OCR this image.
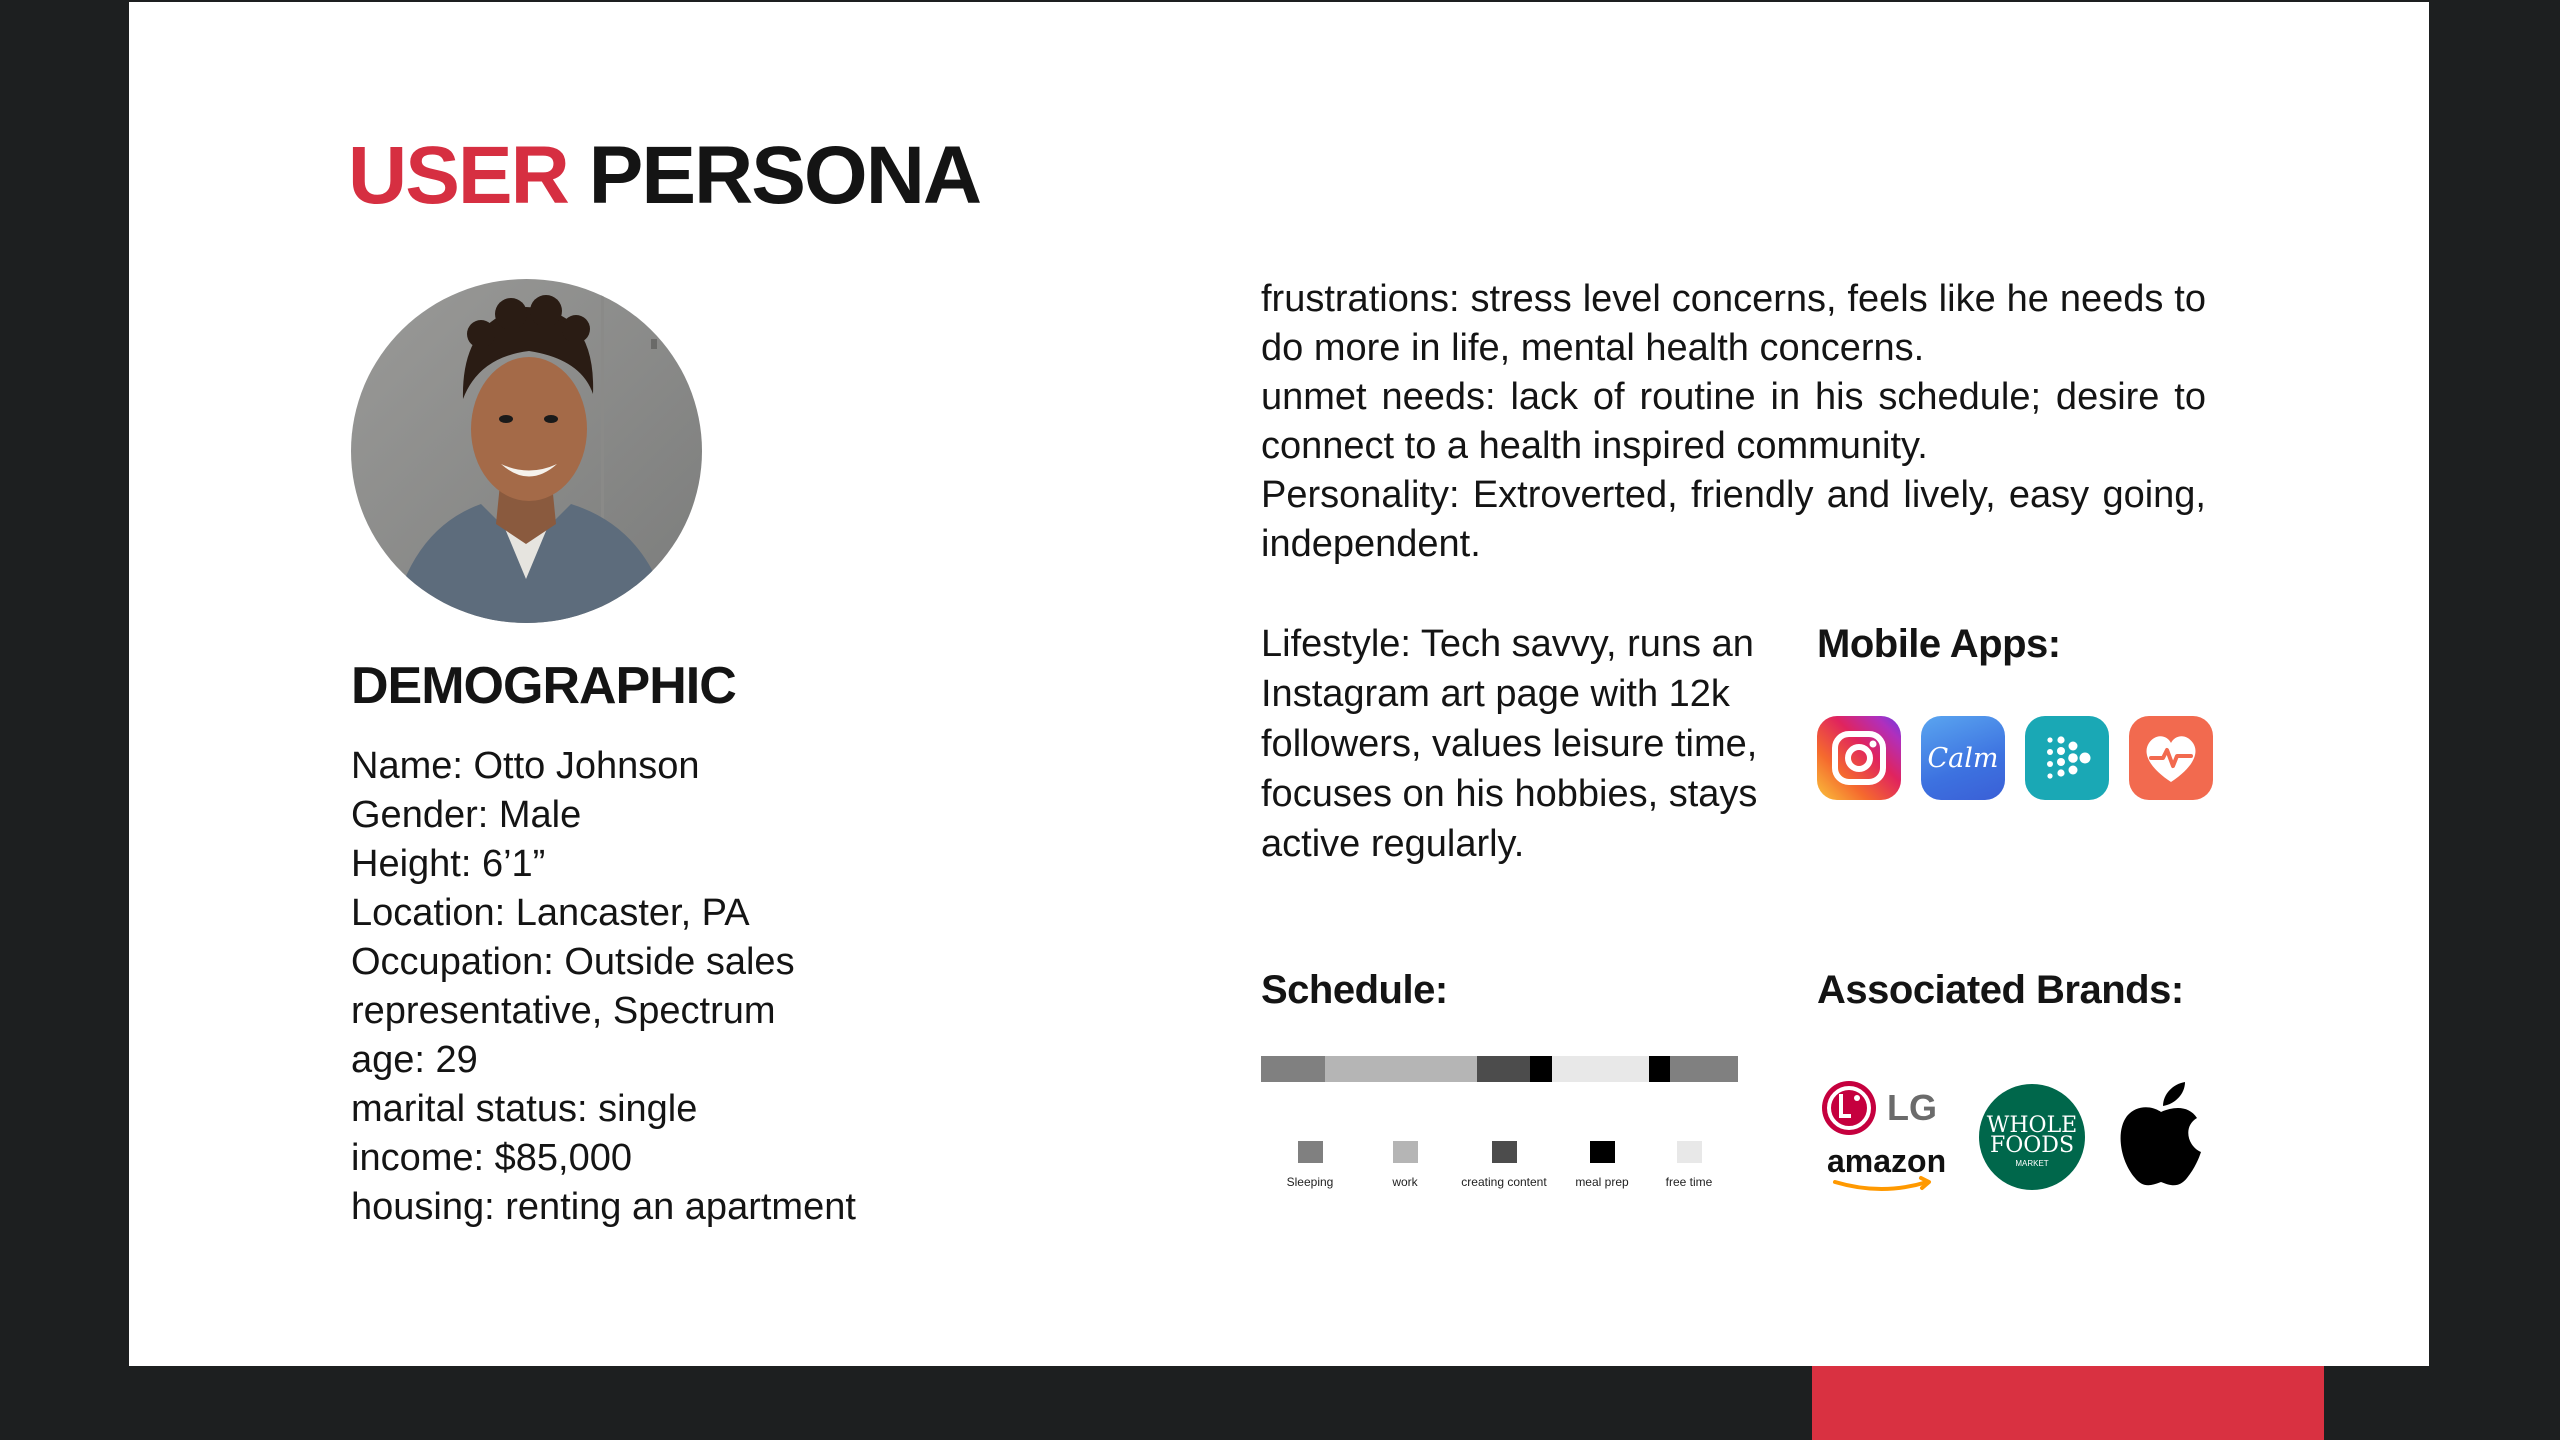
USER PERSONA
DEMOGRAPHIC
Name: Otto Johnson
Gender: Male
Height: 6’1”
Location: Lancaster, PA
Occupation: Outside sales
representative, Spectrum
age: 29
marital status: single
income: $85,000
housing: renting an apartment

frustrations: stress level concerns, feels like he needs to do more in life, mental health concerns.

unmet needs: lack of routine in his schedule; desire to connect to a health inspired community.

Personality: Extroverted, friendly and lively, easy going, independent.

Lifestyle: Tech savvy, runs an Instagram art page with 12k followers, values leisure time, focuses on his hobbies, stays active regularly.
Mobile Apps:
Calm
Schedule:
Sleeping	work	creating content	meal prep	free time
Associated Brands:
LG
amazon
WHOLE
FOODS
MARKET
